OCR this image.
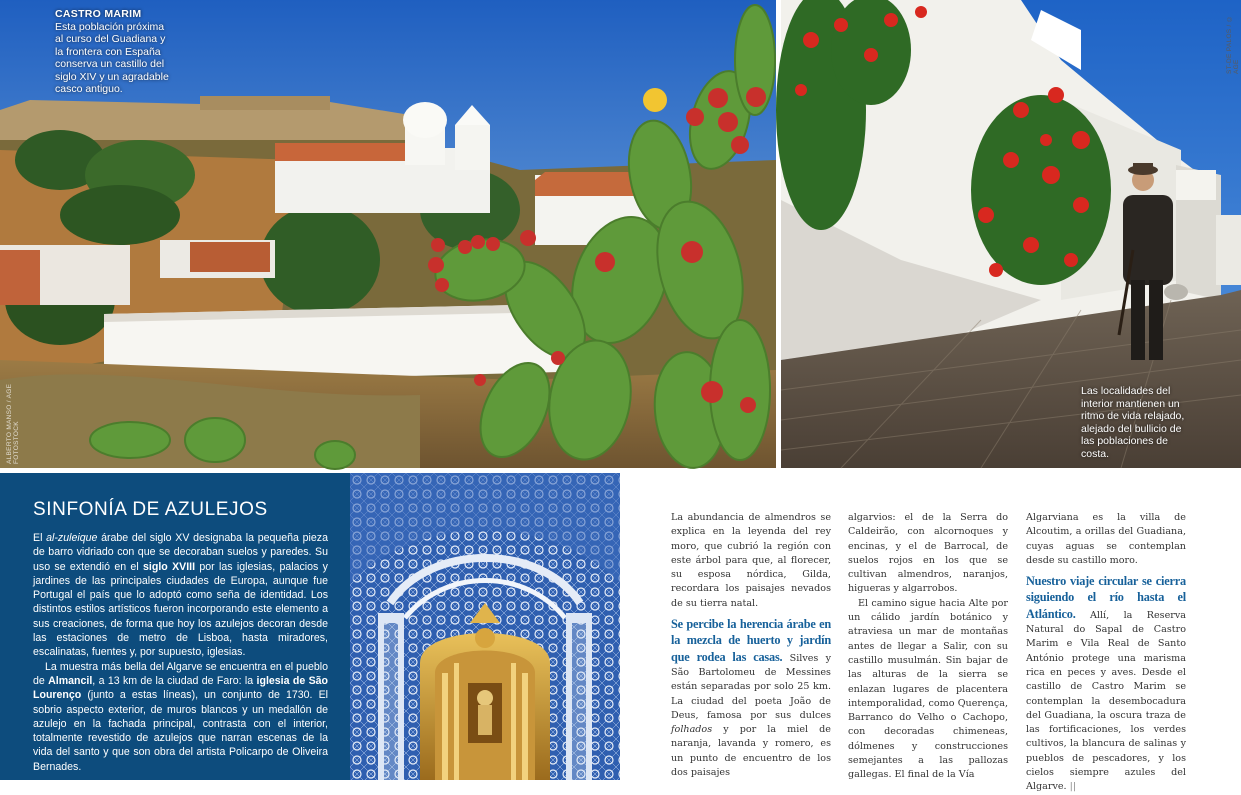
CASTRO MARIM
Esta población próxima al curso del Guadiana y la frontera con España conserva un castillo del siglo XIV y un agradable casco antiguo.
ALBERTO MANSO / AGE FOTOSTOCK
Las localidades del interior mantienen un ritmo de vida relajado, alejado del bullicio de las poblaciones de costa.
ST-DE PALOS / © AGE
SINFONÍA DE AZULEJOS

El al-zuleique árabe del siglo XV designaba la pequeña pieza de barro vidriado con que se decoraban suelos y paredes. Su uso se extendió en el siglo XVIII por las iglesias, palacios y jardines de las principales ciudades de Europa, aunque fue Portugal el país que lo adoptó como seña de identidad. Los distintos estilos artísticos fueron incorporando este elemento a sus creaciones, de forma que hoy los azulejos decoran desde las estaciones de metro de Lisboa, hasta miradores, escalinatas, fuentes y, por supuesto, iglesias.

La muestra más bella del Algarve se encuentra en el pueblo de Almancil, a 13 km de la ciudad de Faro: la iglesia de São Lourenço (junto a estas líneas), un conjunto de 1730. El sobrio aspecto exterior, de muros blancos y un medallón de azulejo en la fachada principal, contrasta con el interior, totalmente revestido de azulejos que narran escenas de la vida del santo y que son obra del artista Policarpo de Oliveira Bernades.

La abundancia de almendros se explica en la leyenda del rey moro, que cubrió la región con este árbol para que, al florecer, su esposa nórdica, Gilda, recordara los paisajes nevados de su tierra natal.
Se percibe la herencia árabe en la mezcla de huerto y jardín que rodea las casas. Silves y São Bartolomeu de Messines están separadas por solo 25 km. La ciudad del poeta João de Deus, famosa por sus dulces folhados y por la miel de naranja, lavanda y romero, es un punto de encuentro de los dos paisajes
algarvios: el de la Serra do Caldeirão, con alcornoques y encinas, y el de Barrocal, de suelos rojos en los que se cultivan almendros, naranjos, higueras y algarrobos.
El camino sigue hacia Alte por un cálido jardín botánico y atraviesa un mar de montañas antes de llegar a Salir, con su castillo musulmán. Sin bajar de las alturas de la sierra se enlazan lugares de placentera intemporalidad, como Querença, Barranco do Velho o Cachopo, con decoradas chimeneas, dólmenes y construcciones semejantes a las pallozas gallegas. El final de la Vía
Algarviana es la villa de Alcoutim, a orillas del Guadiana, cuyas aguas se contemplan desde su castillo moro.
Nuestro viaje circular se cierra siguiendo el río hasta el Atlántico. Allí, la Reserva Natural do Sapal de Castro Marim e Vila Real de Santo António protege una marisma rica en peces y aves. Desde el castillo de Castro Marim se contemplan la desembocadura del Guadiana, la oscura traza de las fortificaciones, los verdes cultivos, la blancura de salinas y pueblos de pescadores, y los cielos siempre azules del Algarve. ||
